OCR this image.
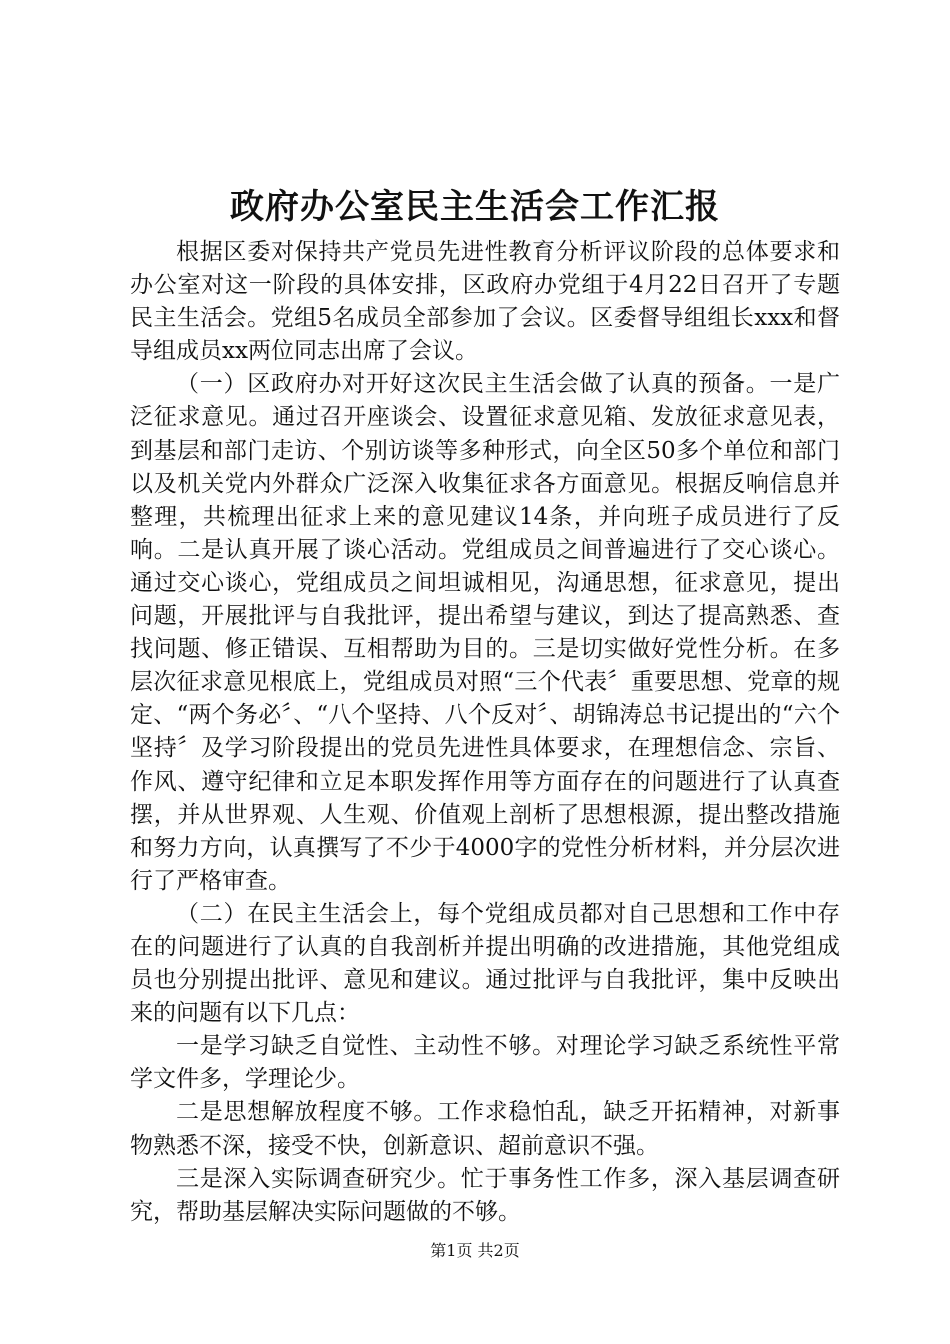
政府办公室民主生活会工作汇报

根据区委对保持共产党员先进性教育分析评议阶段的总体要求和办公室对这一阶段的具体安排，区政府办党组于4月22日召开了专题民主生活会。党组5名成员全部参加了会议。区委督导组组长xxx和督导组成员xx两位同志出席了会议。

（一）区政府办对开好这次民主生活会做了认真的预备。一是广泛征求意见。通过召开座谈会、设置征求意见箱、发放征求意见表，到基层和部门走访、个别访谈等多种形式，向全区50多个单位和部门以及机关党内外群众广泛深入收集征求各方面意见。根据反响信息并整理，共梳理出征求上来的意见建议14条，并向班子成员进行了反响。二是认真开展了谈心活动。党组成员之间普遍进行了交心谈心。通过交心谈心，党组成员之间坦诚相见，沟通思想，征求意见，提出问题，开展批评与自我批评，提出希望与建议，到达了提高熟悉、查找问题、修正错误、互相帮助为目的。三是切实做好党性分析。在多层次征求意见根底上，党组成员对照“三个代表〞重要思想、党章的规定、“两个务必〞、“八个坚持、八个反对〞、胡锦涛总书记提出的“六个坚持〞及学习阶段提出的党员先进性具体要求，在理想信念、宗旨、作风、遵守纪律和立足本职发挥作用等方面存在的问题进行了认真查摆，并从世界观、人生观、价值观上剖析了思想根源，提出整改措施和努力方向，认真撰写了不少于4000字的党性分析材料，并分层次进行了严格审查。

（二）在民主生活会上，每个党组成员都对自己思想和工作中存在的问题进行了认真的自我剖析并提出明确的改进措施，其他党组成员也分别提出批评、意见和建议。通过批评与自我批评，集中反映出来的问题有以下几点：

一是学习缺乏自觉性、主动性不够。对理论学习缺乏系统性平常学文件多，学理论少。

二是思想解放程度不够。工作求稳怕乱，缺乏开拓精神，对新事物熟悉不深，接受不快，创新意识、超前意识不强。

三是深入实际调查研究少。忙于事务性工作多，深入基层调查研究，帮助基层解决实际问题做的不够。

第1页 共2页
